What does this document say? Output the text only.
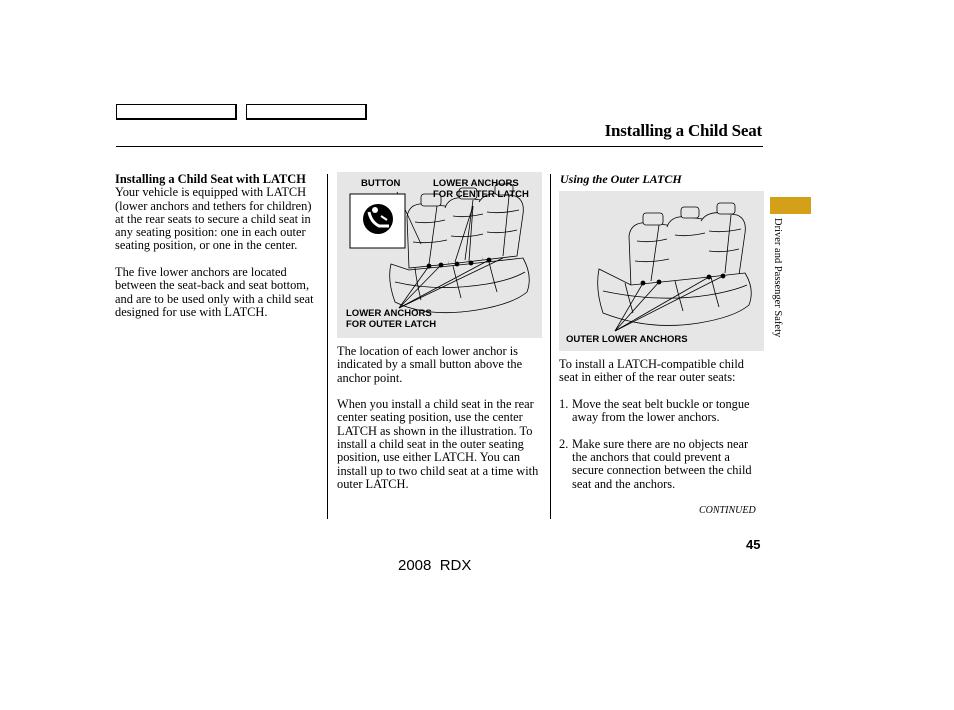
Installing a Child Seat

Installing a Child Seat with LATCH

Your vehicle is equipped with LATCH (lower anchors and tethers for children) at the rear seats to secure a child seat in any seating position: one in each outer seating position, or one in the center.

The five lower anchors are located between the seat-back and seat bottom, and are to be used only with a child seat designed for use with LATCH.

BUTTON	LOWER ANCHORS
FOR CENTER LATCH
LOWER ANCHORS
FOR OUTER LATCH

The location of each lower anchor is indicated by a small button above the anchor point.

When you install a child seat in the rear center seating position, use the center LATCH as shown in the illustration. To install a child seat in the outer seating position, use either LATCH. You can install up to two child seat at a time with outer LATCH.

Using the Outer LATCH
OUTER LOWER ANCHORS

To install a LATCH-compatible child seat in either of the rear outer seats:

1. Move the seat belt buckle or tongue away from the lower anchors.
2. Make sure there are no objects near the anchors that could prevent a secure connection between the child seat and the anchors.
CONTINUED
Driver and Passenger Safety
45
2008  RDX
